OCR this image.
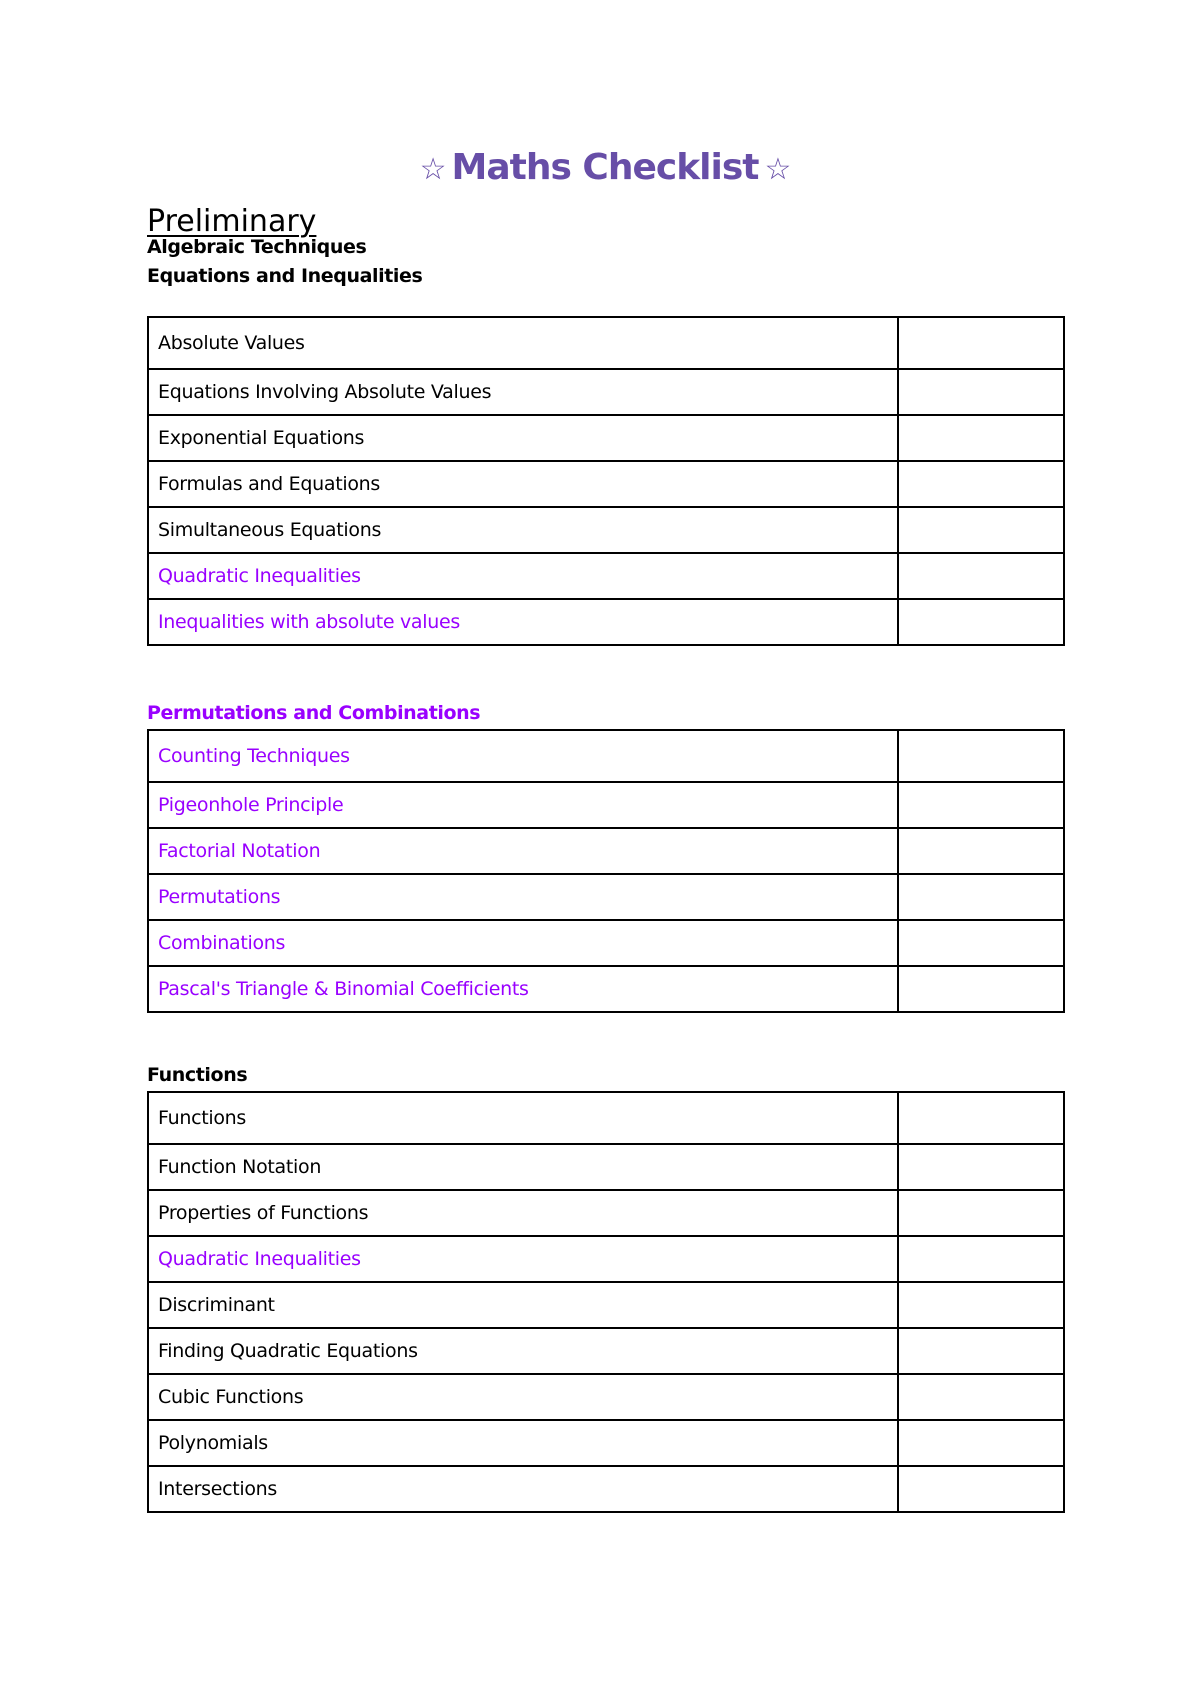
☆ Maths Checklist ☆
Preliminary

Algebraic Techniques

Equations and Inequalities

Absolute Values	
Equations Involving Absolute Values	
Exponential Equations	
Formulas and Equations	
Simultaneous Equations	
Quadratic Inequalities	
Inequalities with absolute values	

Permutations and Combinations

Counting Techniques	
Pigeonhole Principle	
Factorial Notation	
Permutations	
Combinations	
Pascal's Triangle & Binomial Coefficients	

Functions

Functions	
Function Notation	
Properties of Functions	
Quadratic Inequalities	
Discriminant	
Finding Quadratic Equations	
Cubic Functions	
Polynomials	
Intersections	
